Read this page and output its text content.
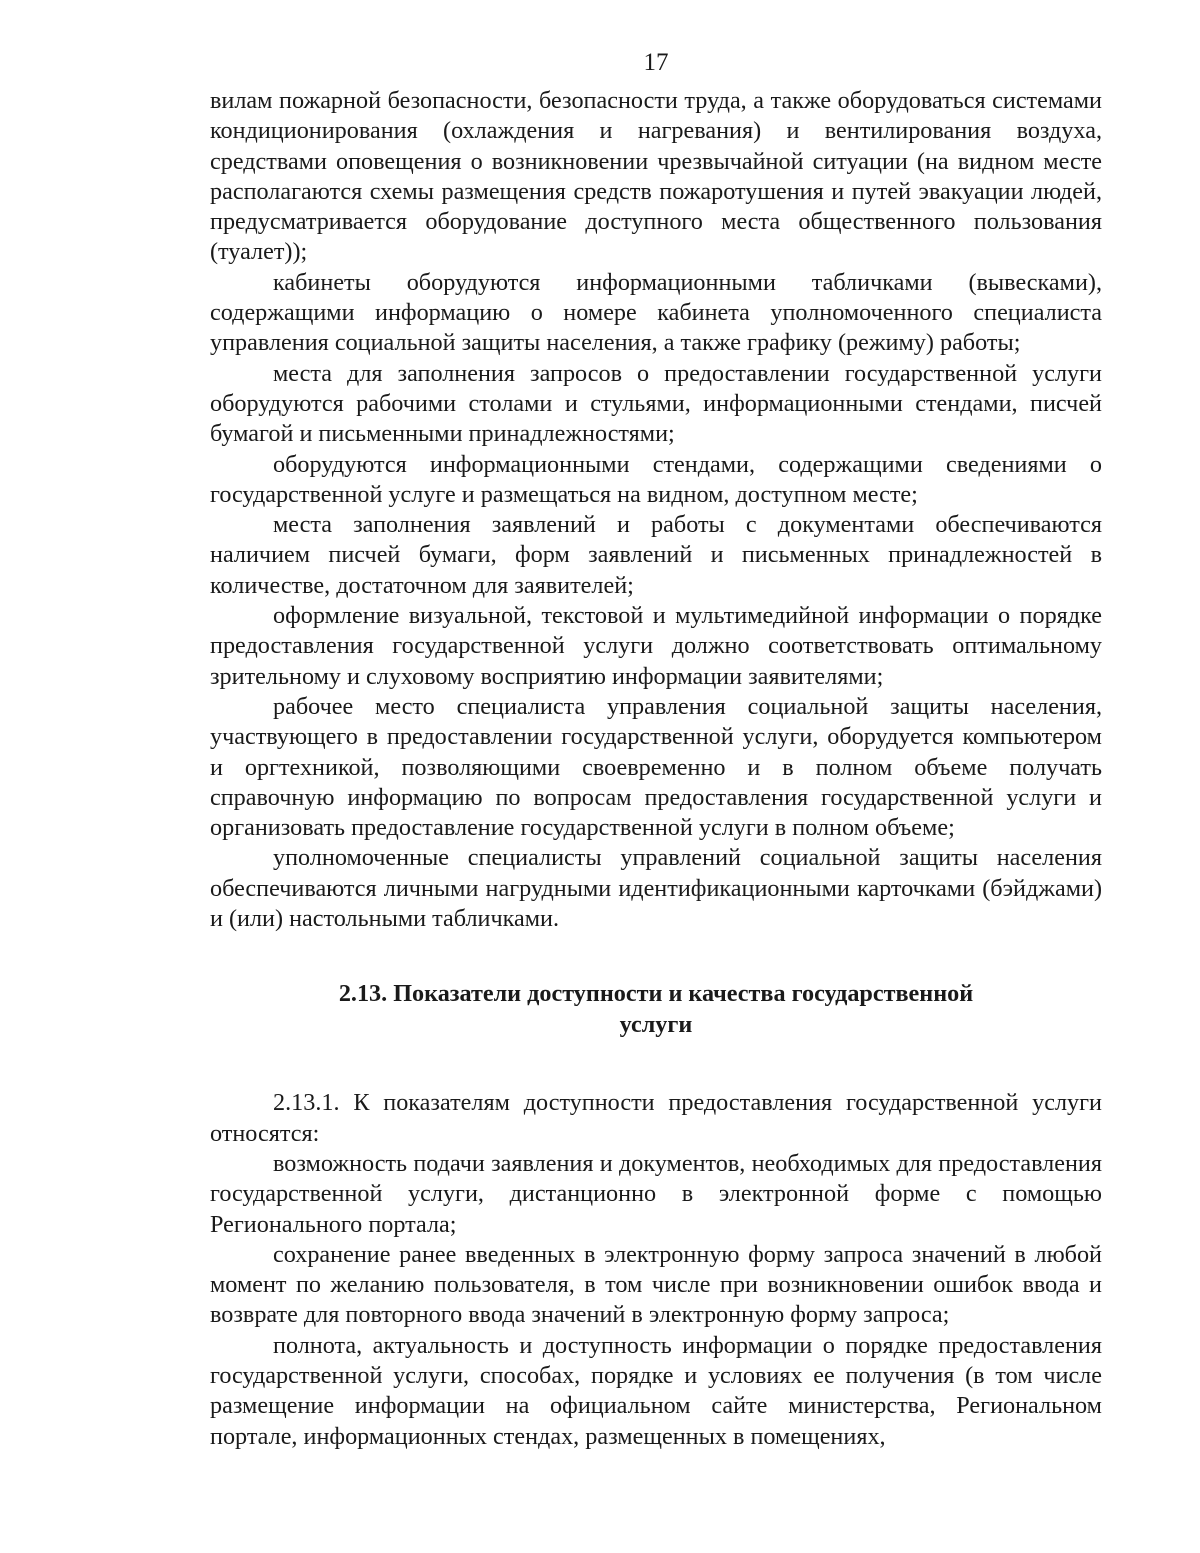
17

вилам пожарной безопасности, безопасности труда, а также оборудоваться системами кондиционирования (охлаждения и нагревания) и вентилирования воздуха, средствами оповещения о возникновении чрезвычайной ситуации (на видном месте располагаются схемы размещения средств пожаротушения и путей эвакуации людей, предусматривается оборудование доступного места общественного пользования (туалет));

кабинеты оборудуются информационными табличками (вывесками), содержащими информацию о номере кабинета уполномоченного специалиста управления социальной защиты населения, а также графику (режиму) работы;

места для заполнения запросов о предоставлении государственной услуги оборудуются рабочими столами и стульями, информационными стендами, писчей бумагой и письменными принадлежностями;

оборудуются информационными стендами, содержащими сведениями о государственной услуге и размещаться на видном, доступном месте;

места заполнения заявлений и работы с документами обеспечиваются наличием писчей бумаги, форм заявлений и письменных принадлежностей в количестве, достаточном для заявителей;

оформление визуальной, текстовой и мультимедийной информации о порядке предоставления государственной услуги должно соответствовать оптимальному зрительному и слуховому восприятию информации заявителями;

рабочее место специалиста управления социальной защиты населения, участвующего в предоставлении государственной услуги, оборудуется компьютером и оргтехникой, позволяющими своевременно и в полном объеме получать справочную информацию по вопросам предоставления государственной услуги и организовать предоставление государственной услуги в полном объеме;

уполномоченные специалисты управлений социальной защиты населения обеспечиваются личными нагрудными идентификационными карточками (бэйджами) и (или) настольными табличками.

2.13. Показатели доступности и качества государственной
услуги

2.13.1. К показателям доступности предоставления государственной услуги относятся:

возможность подачи заявления и документов, необходимых для предоставления государственной услуги, дистанционно в электронной форме с помощью Регионального портала;

сохранение ранее введенных в электронную форму запроса значений в любой момент по желанию пользователя, в том числе при возникновении ошибок ввода и возврате для повторного ввода значений в электронную форму запроса;

полнота, актуальность и доступность информации о порядке предоставления государственной услуги, способах, порядке и условиях ее получения (в том числе размещение информации на официальном сайте министерства, Региональном портале, информационных стендах, размещенных в помещениях,
